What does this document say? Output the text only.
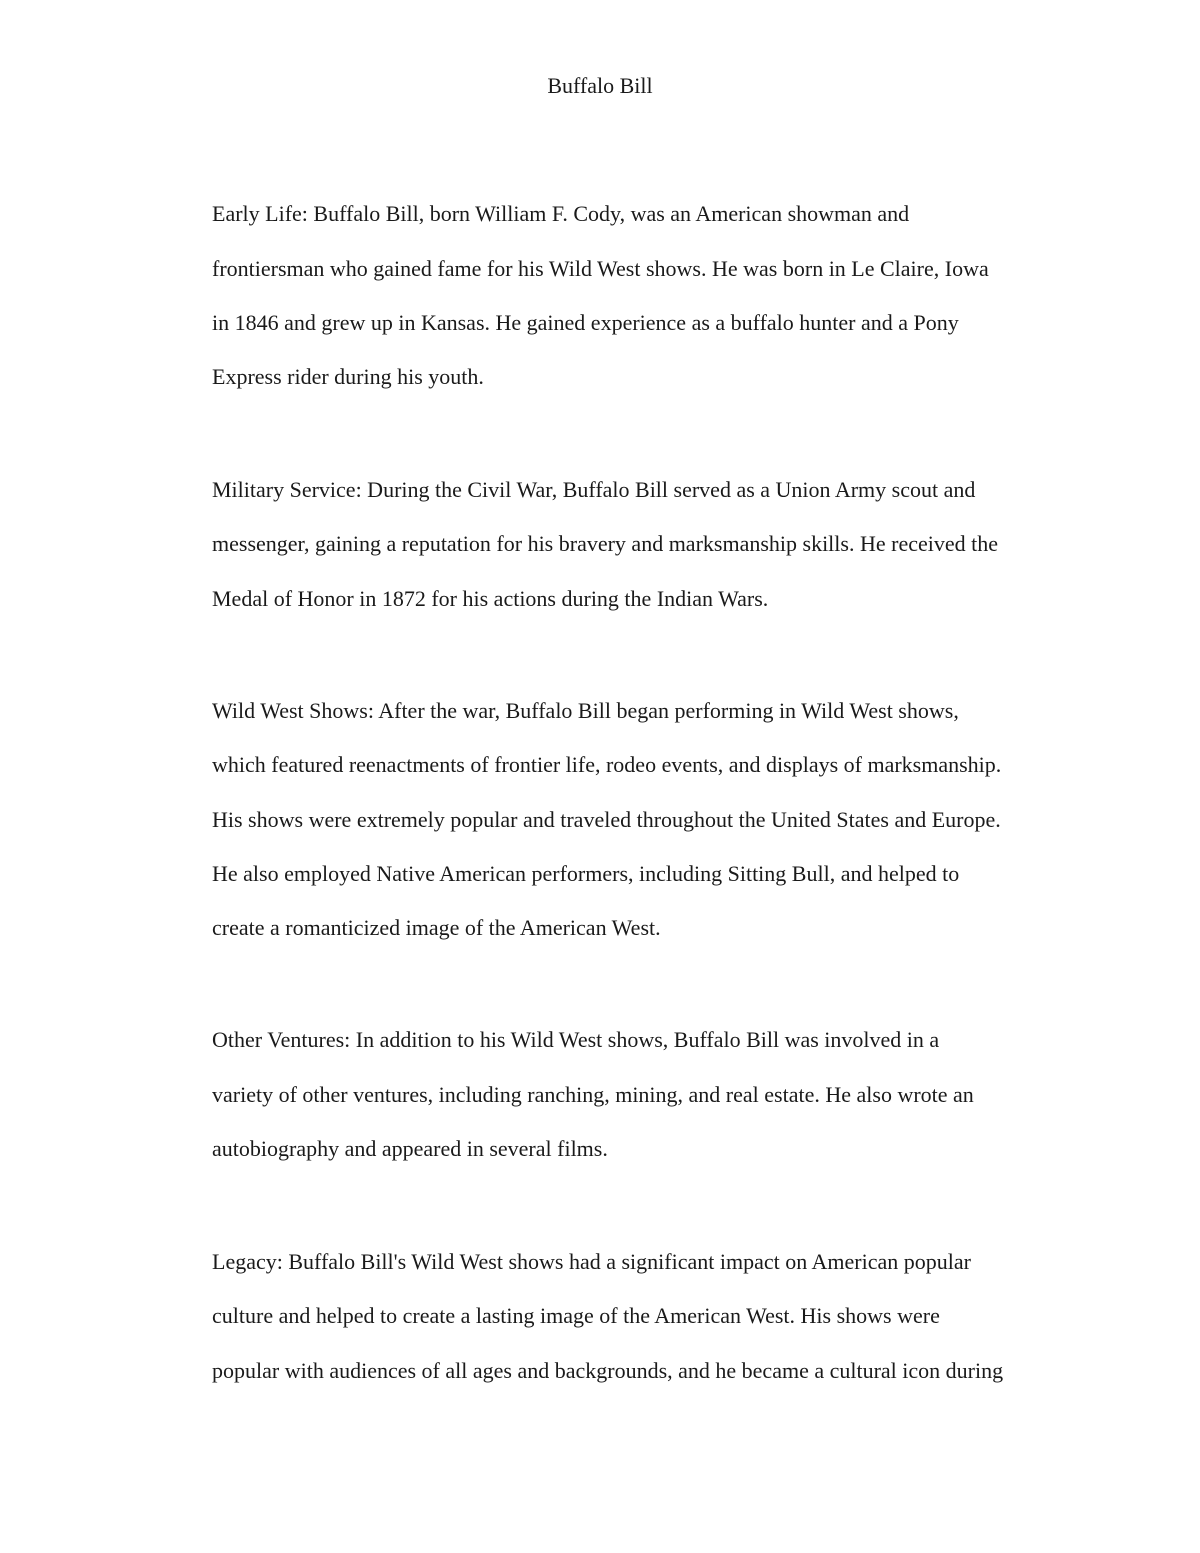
Buffalo Bill
Early Life: Buffalo Bill, born William F. Cody, was an American showman and
frontiersman who gained fame for his Wild West shows. He was born in Le Claire, Iowa
in 1846 and grew up in Kansas. He gained experience as a buffalo hunter and a Pony
Express rider during his youth.
Military Service: During the Civil War, Buffalo Bill served as a Union Army scout and
messenger, gaining a reputation for his bravery and marksmanship skills. He received the
Medal of Honor in 1872 for his actions during the Indian Wars.
Wild West Shows: After the war, Buffalo Bill began performing in Wild West shows,
which featured reenactments of frontier life, rodeo events, and displays of marksmanship.
His shows were extremely popular and traveled throughout the United States and Europe.
He also employed Native American performers, including Sitting Bull, and helped to
create a romanticized image of the American West.
Other Ventures: In addition to his Wild West shows, Buffalo Bill was involved in a
variety of other ventures, including ranching, mining, and real estate. He also wrote an
autobiography and appeared in several films.
Legacy: Buffalo Bill's Wild West shows had a significant impact on American popular
culture and helped to create a lasting image of the American West. His shows were
popular with audiences of all ages and backgrounds, and he became a cultural icon during
